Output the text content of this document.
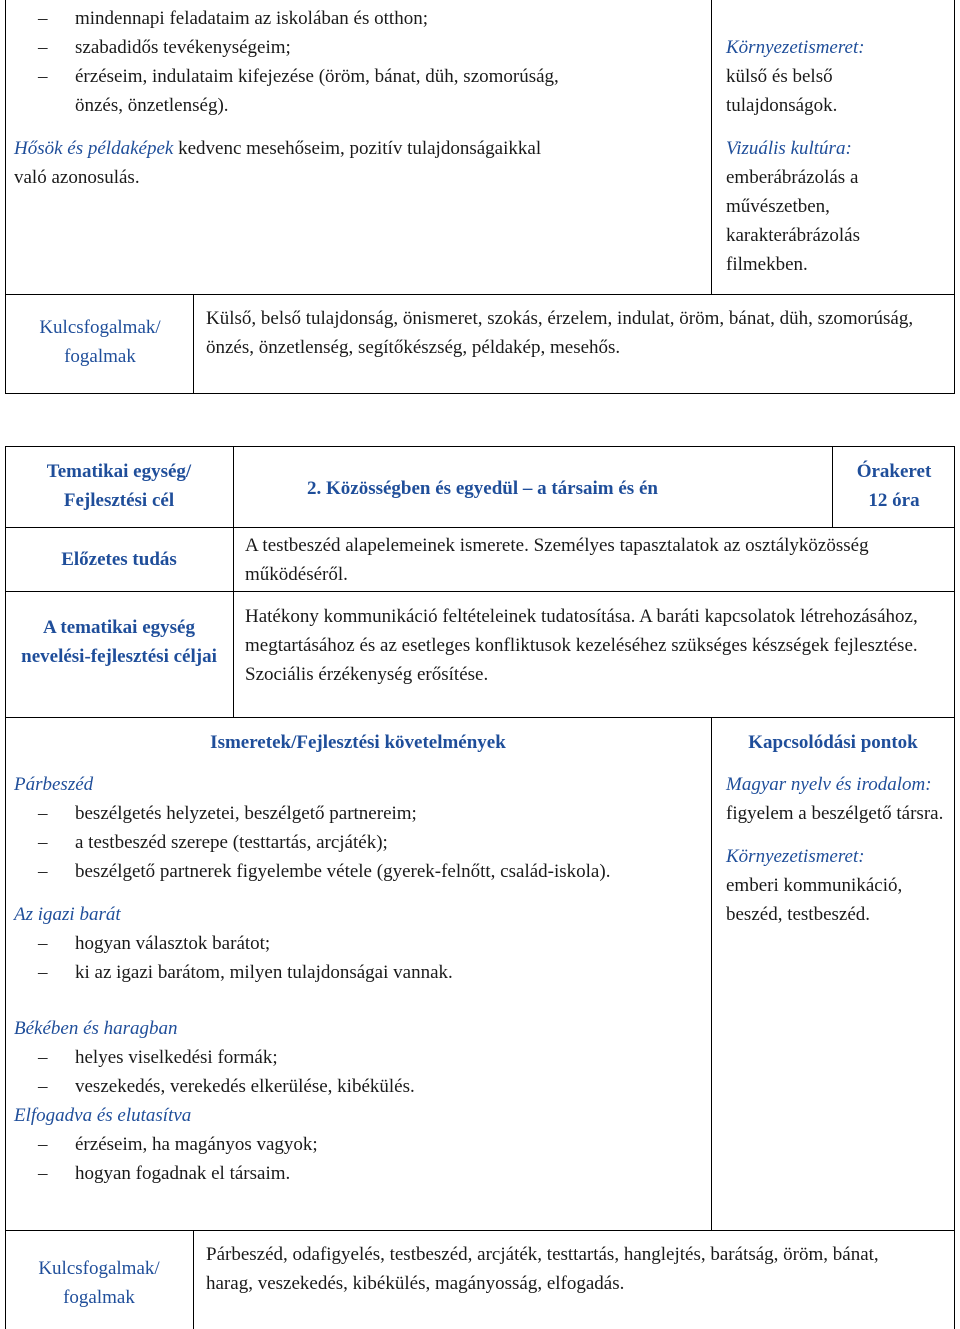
– mindennapi feladataim az iskolában és otthon;
– szabadidős tevékenységeim;
– érzéseim, indulataim kifejezése (öröm, bánat, düh, szomorúság, önzés, önzetlenség).

Hősök és példaképek kedvenc mesehőseim, pozitív tulajdonságaikkal való azonosulás.

Környezetismeret:

külső és belső tulajdonságok.

Vizuális kultúra:

emberábrázolás a művészetben, karakterábrázolás filmekben.

Kulcsfogalmak/ fogalmak
Külső, belső tulajdonság, önismeret, szokás, érzelem, indulat, öröm, bánat, düh, szomorúság, önzés, önzetlenség, segítőkészség, példakép, mesehős.
Tematikai egység/ Fejlesztési cél
2. Közösségben és egyedül – a társaim és én
Órakeret
12 óra
Előzetes tudás
A testbeszéd alapelemeinek ismerete. Személyes tapasztalatok az osztályközösség működéséről.
A tematikai egység nevelési-fejlesztési céljai
Hatékony kommunikáció feltételeinek tudatosítása. A baráti kapcsolatok létrehozásához, megtartásához és az esetleges konfliktusok kezeléséhez szükséges készségek fejlesztése. Szociális érzékenység erősítése.
Ismeretek/Fejlesztési követelmények	Kapcsolódási pontok

Párbeszéd

– beszélgetés helyzetei, beszélgető partnereim;
– a testbeszéd szerepe (testtartás, arcjáték);
– beszélgető partnerek figyelembe vétele (gyerek-felnőtt, család-iskola).

Az igazi barát

– hogyan választok barátot;
– ki az igazi barátom, milyen tulajdonságai vannak.

Békében és haragban

– helyes viselkedési formák;
– veszekedés, verekedés elkerülése, kibékülés.

Elfogadva és elutasítva

– érzéseim, ha magányos vagyok;
– hogyan fogadnak el társaim.

Magyar nyelv és irodalom: figyelem a beszélgető társra.

Környezetismeret:

emberi kommunikáció, beszéd, testbeszéd.

Kulcsfogalmak/ fogalmak
Párbeszéd, odafigyelés, testbeszéd, arcjáték, testtartás, hanglejtés, barátság, öröm, bánat, harag, veszekedés, kibékülés, magányosság, elfogadás.
